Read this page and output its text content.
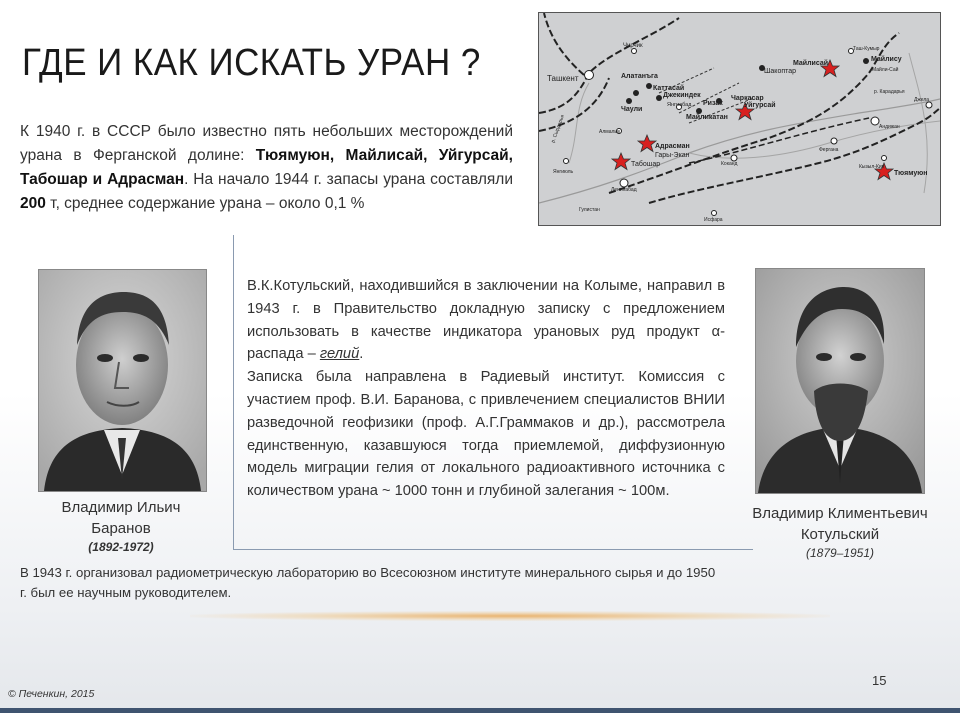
ГДЕ И КАК ИСКАТЬ УРАН ?
К 1940 г. в СССР было известно пять небольших месторождений урана в Ферганской долине: Тюямуюн, Майлисай, Уйгурсай, Табошар и Адрасман. На начало 1944 г. запасы урана составляли 200 т, среднее содержание урана – около 0,1 %
Ташкент
Чирчик
Алатанъга
Каттасай
Джекиндек
Чаули
Янгиабад Ризак
Чаркасар
Уйгурсай
Майликатан
Адрасман
Гары-Экан
Табошар
Шакоптар
Майлисай
Майлису
Майли-Сай
Таш-Кумыр
Тюямуюн
Алмалык
Коканд
Фергана
Ленинабад
Кызыл-Кия
Янгиюль
Исфара
Андижан
Джела
Гулистан
р. Сырдарья
р. Карадарья
Владимир Ильич
Баранов
(1892-1972)
Владимир Климентьевич
Котульский
(1879–1951)

В.К.Котульский, находившийся в заключении на Колыме, направил в 1943 г. в Правительство докладную записку с предложением использовать в качестве индикатора урановых руд продукт α-распада – гелий.

Записка была направлена в Радиевый институт. Комиссия с участием проф. В.И. Баранова, с привлечением специалистов ВНИИ разведочной геофизики (проф. А.Г.Граммаков и др.), рассмотрела единственную, казавшуюся тогда приемлемой, диффузионную модель миграции гелия от локального радиоактивного источника с количеством урана ~ 1000 тонн и глубиной залегания ~ 100м.

В 1943 г. организовал радиометрическую лабораторию во Всесоюзном институте минерального сырья и до 1950 г. был ее научным руководителем.
15
© Печенкин, 2015
